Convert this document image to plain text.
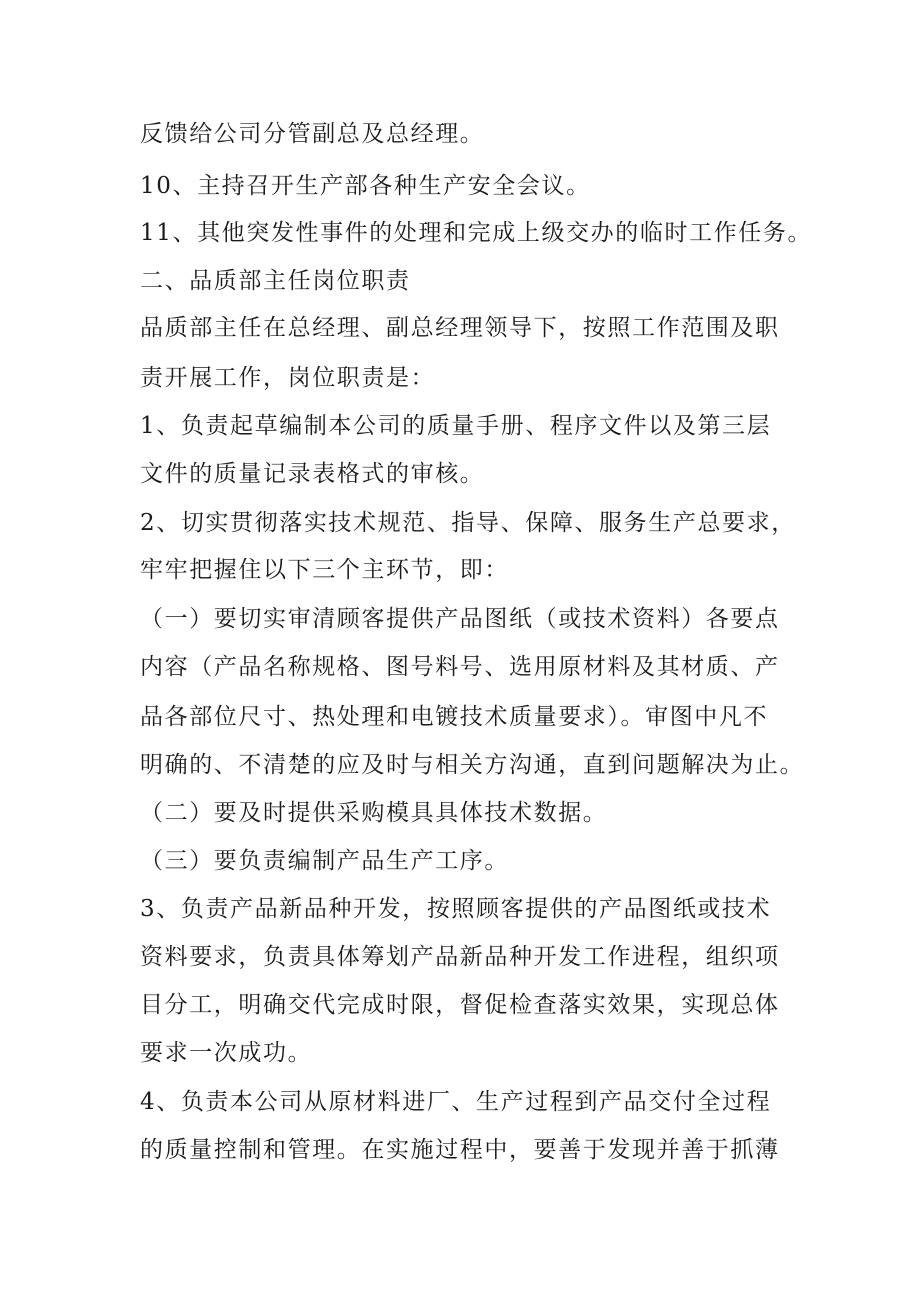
反馈给公司分管副总及总经理。
10、主持召开生产部各种生产安全会议。
11、其他突发性事件的处理和完成上级交办的临时工作任务。
二、品质部主任岗位职责
品质部主任在总经理、副总经理领导下，按照工作范围及职
责开展工作，岗位职责是：
1、负责起草编制本公司的质量手册、程序文件以及第三层
文件的质量记录表格式的审核。
2、切实贯彻落实技术规范、指导、保障、服务生产总要求，
牢牢把握住以下三个主环节，即：
（一）要切实审清顾客提供产品图纸（或技术资料）各要点
内容（产品名称规格、图号料号、选用原材料及其材质、产
品各部位尺寸、热处理和电镀技术质量要求）。审图中凡不
明确的、不清楚的应及时与相关方沟通，直到问题解决为止。
（二）要及时提供采购模具具体技术数据。
（三）要负责编制产品生产工序。
3、负责产品新品种开发，按照顾客提供的产品图纸或技术
资料要求，负责具体筹划产品新品种开发工作进程，组织项
目分工，明确交代完成时限，督促检查落实效果，实现总体
要求一次成功。
4、负责本公司从原材料进厂、生产过程到产品交付全过程
的质量控制和管理。在实施过程中，要善于发现并善于抓薄
